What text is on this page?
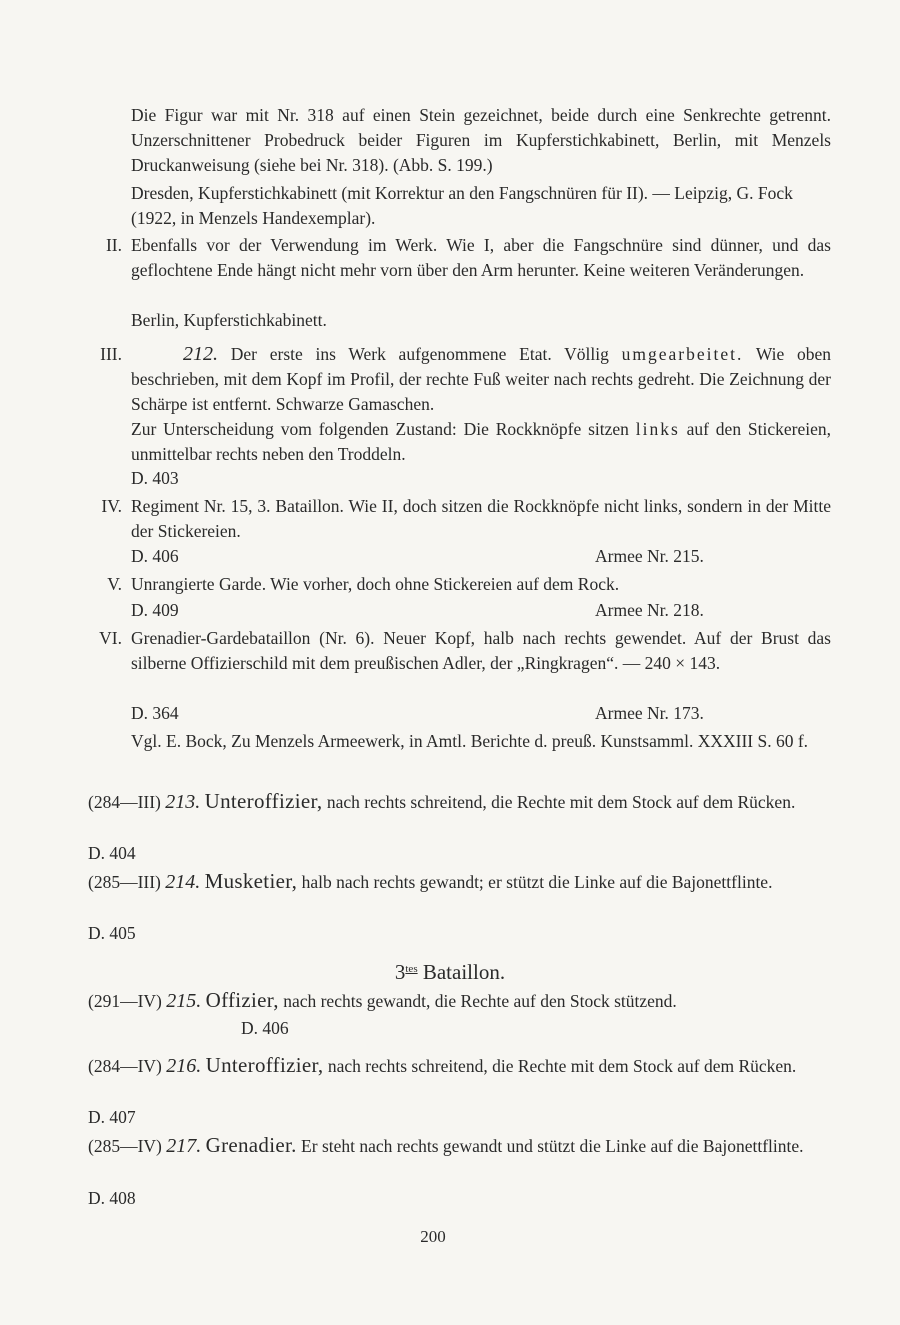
Die Figur war mit Nr. 318 auf einen Stein gezeichnet, beide durch eine Senkrechte getrennt. Unzerschnittener Probedruck beider Figuren im Kupferstichkabinett, Berlin, mit Menzels Druckanweisung (siehe bei Nr. 318). (Abb. S. 199.)

Dresden, Kupferstichkabinett (mit Korrektur an den Fangschnüren für II). — Leipzig, G. Fock (1922, in Menzels Handexemplar).

II. Ebenfalls vor der Verwendung im Werk. Wie I, aber die Fangschnüre sind dünner, und das geflochtene Ende hängt nicht mehr vorn über den Arm herunter. Keine weiteren Veränderungen.

Berlin, Kupferstichkabinett.

III.	212. Der erste ins Werk aufgenommene Etat. Völlig umgearbeitet. Wie oben beschrieben, mit dem Kopf im Profil, der rechte Fuß weiter nach rechts gedreht. Die Zeichnung der Schärpe ist entfernt. Schwarze Gamaschen.

Zur Unterscheidung vom folgenden Zustand: Die Rockknöpfe sitzen links auf den Stickereien, unmittelbar rechts neben den Troddeln.

D. 403

IV. Regiment Nr. 15, 3. Bataillon. Wie II, doch sitzen die Rockknöpfe nicht links, sondern in der Mitte der Stickereien.

D. 406	Armee Nr. 215.
V. Unrangierte Garde. Wie vorher, doch ohne Stickereien auf dem Rock.

D. 409	Armee Nr. 218.
VI. Grenadier-Gardebataillon (Nr. 6). Neuer Kopf, halb nach rechts gewendet. Auf der Brust das silberne Offizierschild mit dem preußischen Adler, der „Ringkragen“. — 240 × 143.

D. 364	Armee Nr. 173.

Vgl. E. Bock, Zu Menzels Armeewerk, in Amtl. Berichte d. preuß. Kunstsamml. XXXIII S. 60 f.

(284—III) 213. Unteroffizier, nach rechts schreitend, die Rechte mit dem Stock auf dem Rücken.

D. 404

(285—III) 214. Musketier, halb nach rechts gewandt; er stützt die Linke auf die Bajonettflinte.

D. 405

$3^{tes}$ Bataillon.

(291—IV) 215. Offizier, nach rechts gewandt, die Rechte auf den Stock stützend.

D. 406

(284—IV) 216. Unteroffizier, nach rechts schreitend, die Rechte mit dem Stock auf dem Rücken.

D. 407

(285—IV) 217. Grenadier. Er steht nach rechts gewandt und stützt die Linke auf die Bajonettflinte.

D. 408

200
